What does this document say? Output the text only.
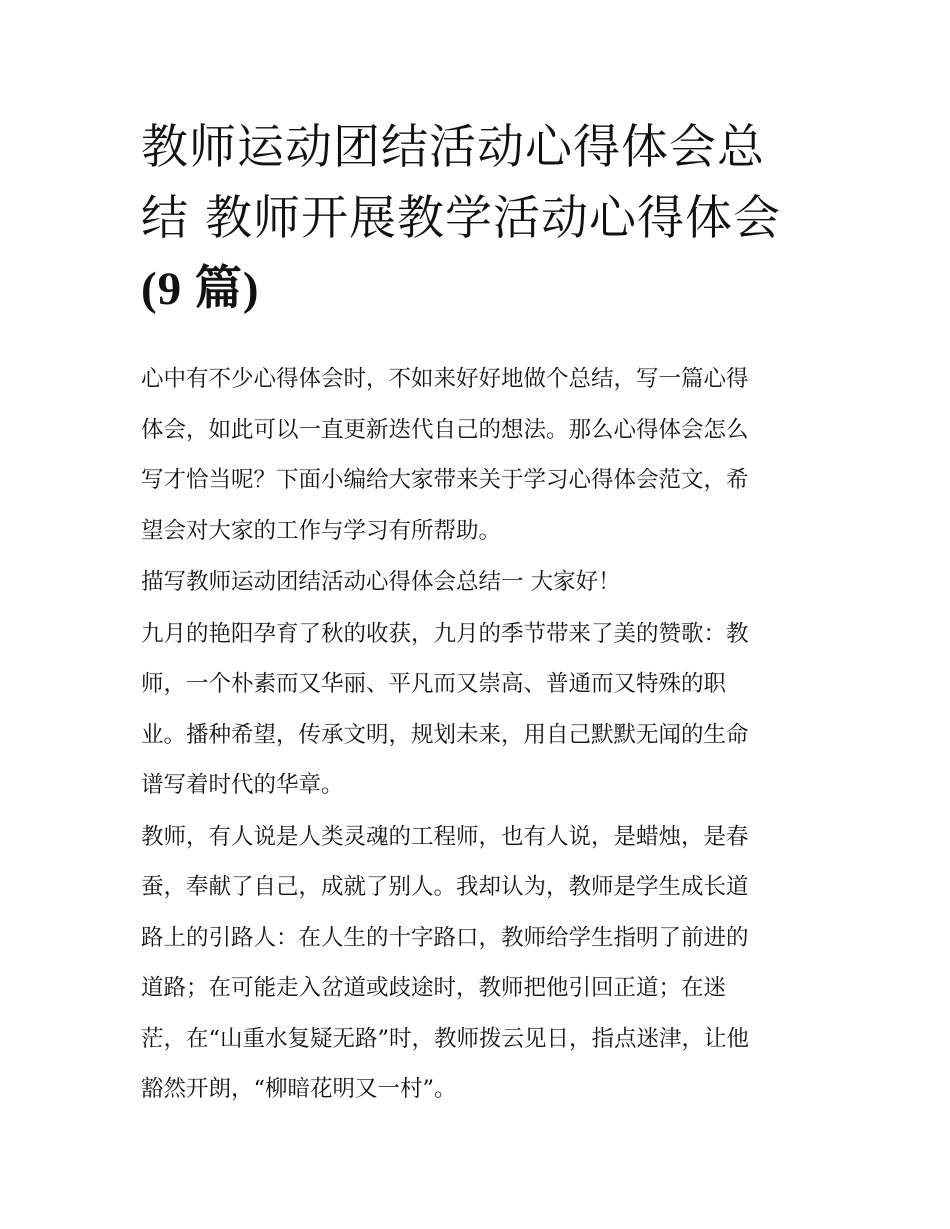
教师运动团结活动心得体会总
结 教师开展教学活动心得体会
(9 篇)

心中有不少心得体会时，不如来好好地做个总结，写一篇心得
体会，如此可以一直更新迭代自己的想法。那么心得体会怎么
写才恰当呢？下面小编给大家带来关于学习心得体会范文，希
望会对大家的工作与学习有所帮助。

描写教师运动团结活动心得体会总结一 大家好！

九月的艳阳孕育了秋的收获，九月的季节带来了美的赞歌：教
师，一个朴素而又华丽、平凡而又崇高、普通而又特殊的职
业。播种希望，传承文明，规划未来，用自己默默无闻的生命
谱写着时代的华章。

教师，有人说是人类灵魂的工程师，也有人说，是蜡烛，是春
蚕，奉献了自己，成就了别人。我却认为，教师是学生成长道
路上的引路人：在人生的十字路口，教师给学生指明了前进的
道路；在可能走入岔道或歧途时，教师把他引回正道；在迷
茫，在“山重水复疑无路”时，教师拨云见日，指点迷津，让他
豁然开朗，“柳暗花明又一村”。
